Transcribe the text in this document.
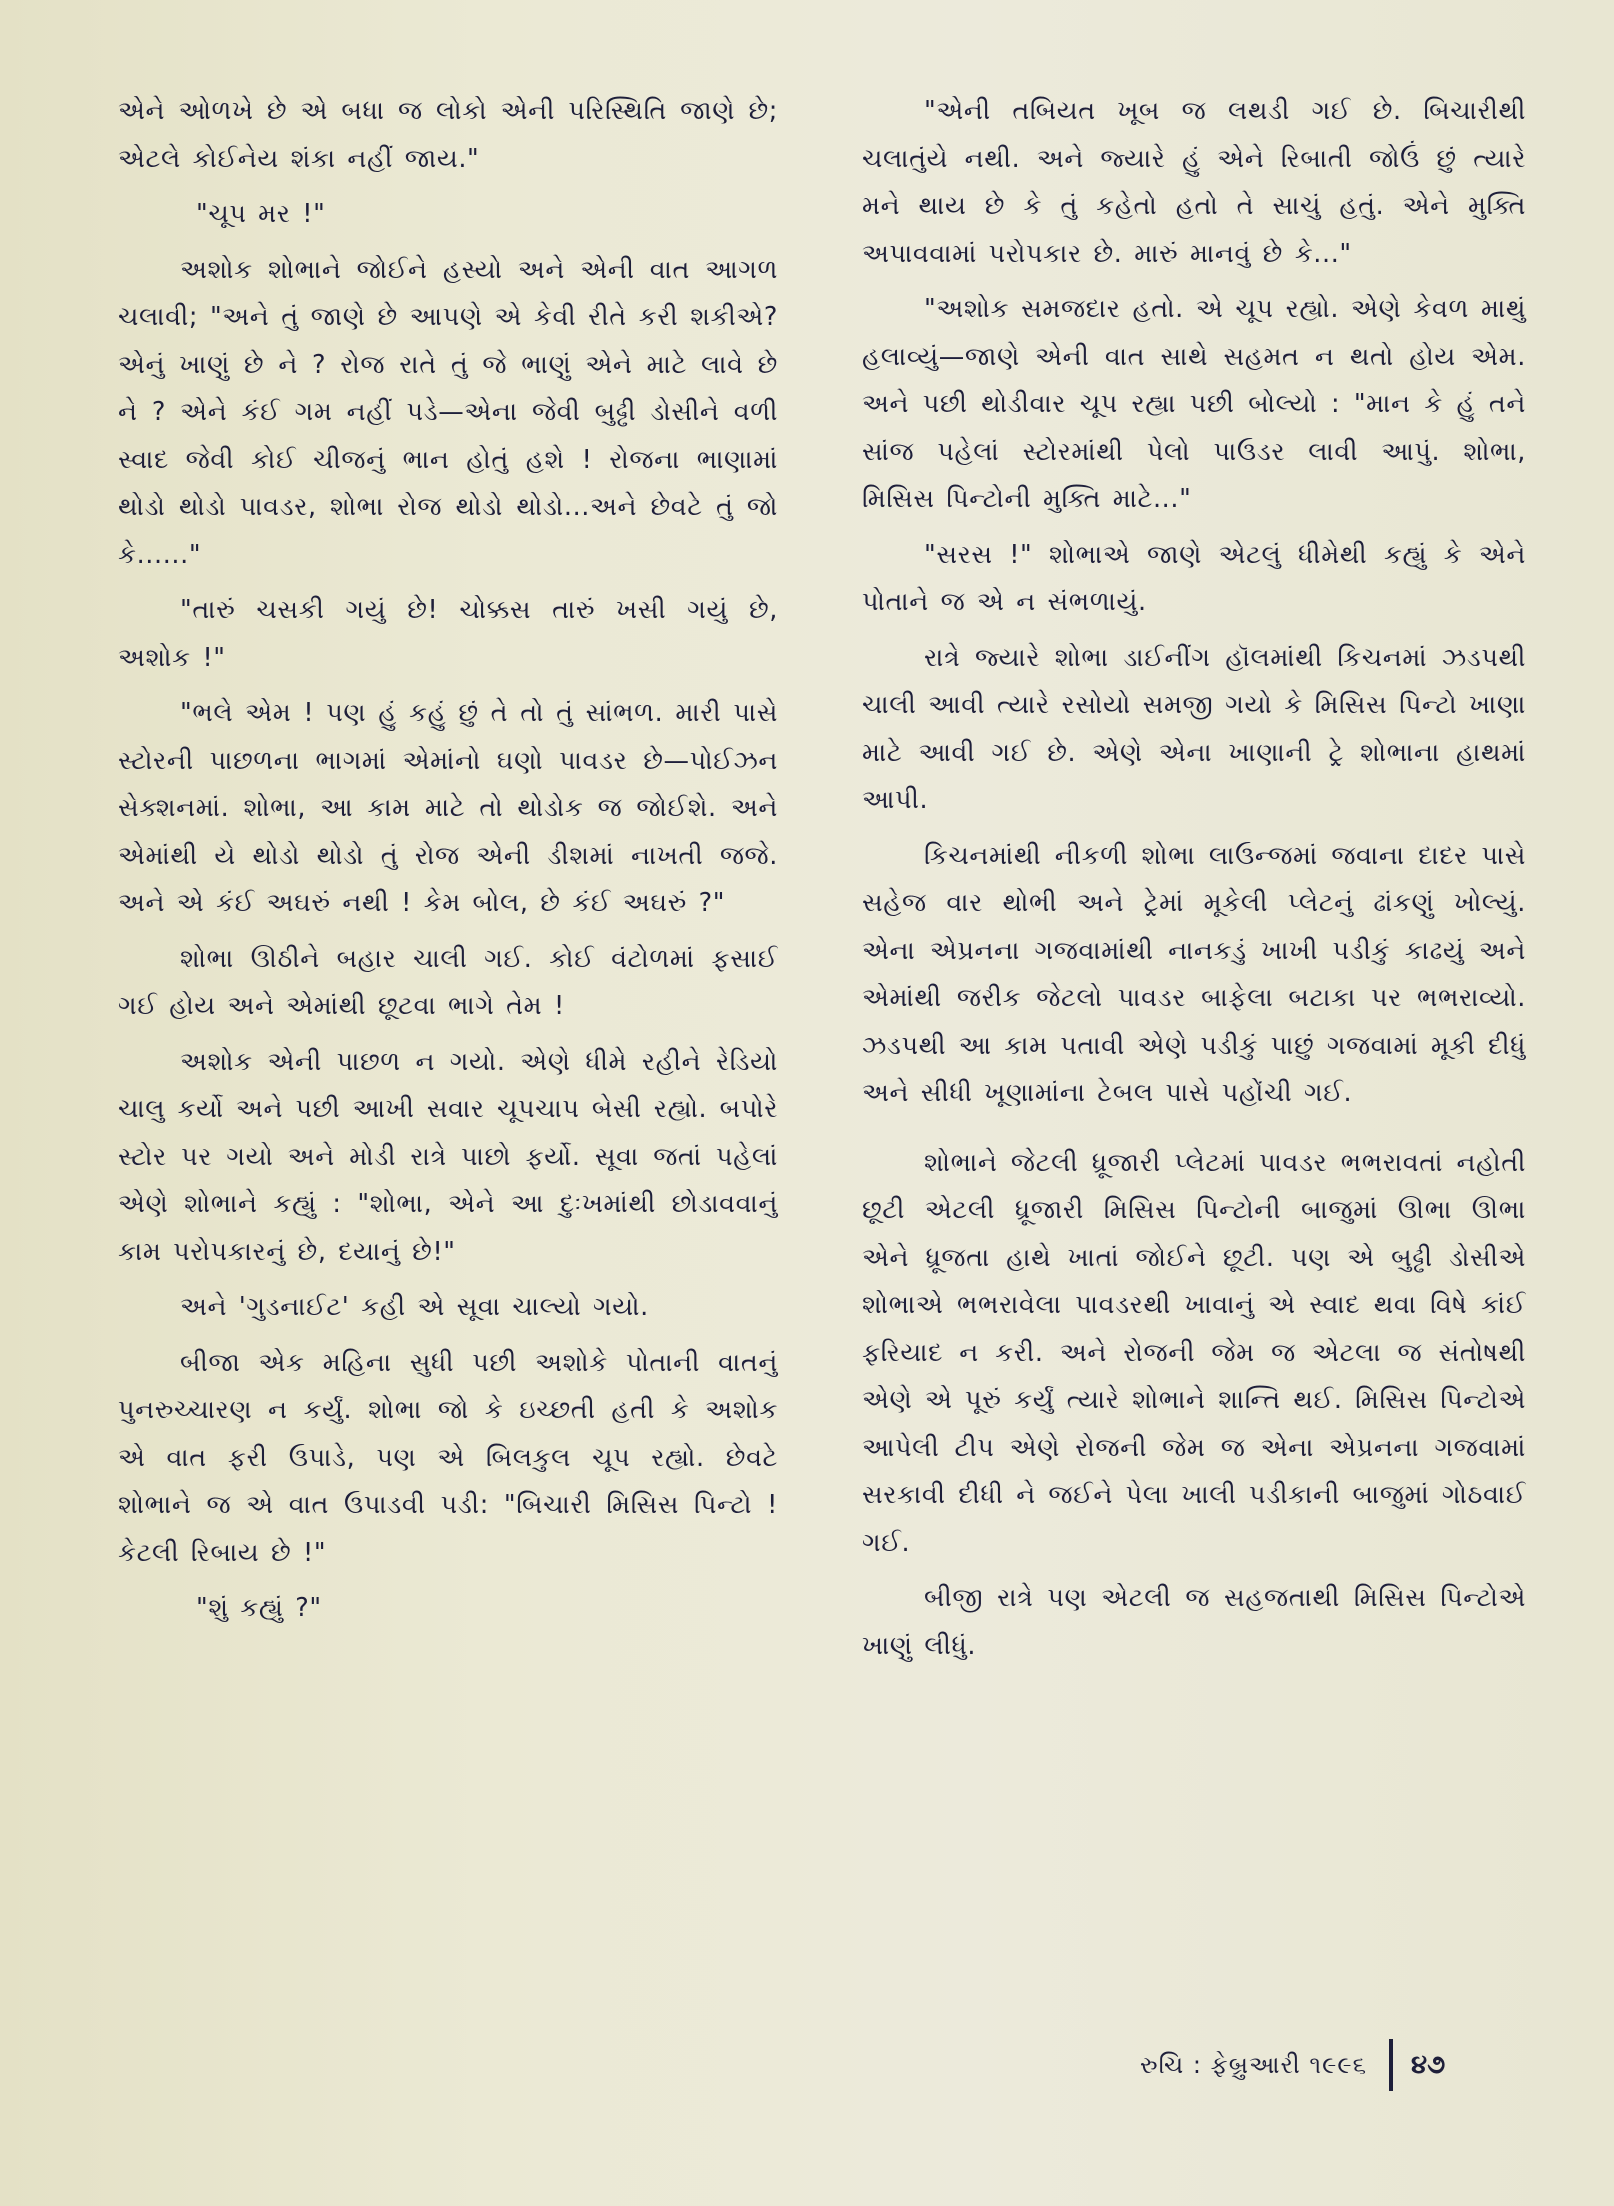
એને ઓળખે છે એ બધા જ લોકો એની પરિસ્થિતિ જાણે છે; એટલે કોઈનેય શંકા નહીં જાય."

"ચૂપ મર !"

અશોક શોભાને જોઈને હસ્યો અને એની વાત આગળ ચલાવી; "અને તું જાણે છે આપણે એ કેવી રીતે કરી શકીએ? એનું ખાણું છે ને ? રોજ રાતે તું જે ભાણું એને માટે લાવે છે ને ? એને કંઈ ગમ નહીં પડે—એના જેવી બુઢ્ઢી ડોસીને વળી સ્વાદ જેવી કોઈ ચીજનું ભાન હોતું હશે ! રોજના ભાણામાં થોડો થોડો પાવડર, શોભા રોજ થોડો થોડો...અને છેવટે તું જો કે......"

"તારું ચસકી ગયું છે! ચોક્કસ તારું ખસી ગયું છે, અશોક !"

"ભલે એમ ! પણ હું કહું છું તે તો તું સાંભળ. મારી પાસે સ્ટોરની પાછળના ભાગમાં એમાંનો ઘણો પાવડર છે—પોઈઝન સેક્શનમાં. શોભા, આ કામ માટે તો થોડોક જ જોઈશે. અને એમાંથી યે થોડો થોડો તું રોજ એની ડીશમાં નાખતી જજે. અને એ કંઈ અઘરું નથી ! કેમ બોલ, છે કંઈ અઘરું ?"

શોભા ઊઠીને બહાર ચાલી ગઈ. કોઈ વંટોળમાં ફસાઈ ગઈ હોય અને એમાંથી છૂટવા ભાગે તેમ !

અશોક એની પાછળ ન ગયો. એણે ધીમે રહીને રેડિયો ચાલુ કર્યો અને પછી આખી સવાર ચૂપચાપ બેસી રહ્યો. બપોરે સ્ટોર પર ગયો અને મોડી રાત્રે પાછો ફર્યો. સૂવા જતાં પહેલાં એણે શોભાને કહ્યું : "શોભા, એને આ દુઃખમાંથી છોડાવવાનું કામ પરોપકારનું છે, દયાનું છે!"

અને 'ગુડનાઈટ' કહી એ સૂવા ચાલ્યો ગયો.

બીજા એક મહિના સુધી પછી અશોકે પોતાની વાતનું પુનરુચ્ચારણ ન કર્યું. શોભા જો કે ઇચ્છતી હતી કે અશોક એ વાત ફરી ઉપાડે, પણ એ બિલકુલ ચૂપ રહ્યો. છેવટે શોભાને જ એ વાત ઉપાડવી પડી: "બિચારી મિસિસ પિન્ટો ! કેટલી રિબાય છે !"

"શું કહ્યું ?"

"એની તબિયત ખૂબ જ લથડી ગઈ છે. બિચારીથી ચલાતુંયે નથી. અને જ્યારે હું એને રિબાતી જોઉં છું ત્યારે મને થાય છે કે તું કહેતો હતો તે સાચું હતું. એને મુક્તિ અપાવવામાં પરોપકાર છે. મારું માનવું છે કે..."

"અશોક સમજદાર હતો. એ ચૂપ રહ્યો. એણે કેવળ માથું હલાવ્યું—જાણે એની વાત સાથે સહમત ન થતો હોય એમ. અને પછી થોડીવાર ચૂપ રહ્યા પછી બોલ્યો : "માન કે હું તને સાંજ પહેલાં સ્ટોરમાંથી પેલો પાઉડર લાવી આપું. શોભા, મિસિસ પિન્ટોની મુક્તિ માટે..."

"સરસ !" શોભાએ જાણે એટલું ધીમેથી કહ્યું કે એને પોતાને જ એ ન સંભળાયું.

રાત્રે જ્યારે શોભા ડાઈનીંગ હૉલમાંથી કિચનમાં ઝડપથી ચાલી આવી ત્યારે રસોયો સમજી ગયો કે મિસિસ પિન્ટો ખાણા માટે આવી ગઈ છે. એણે એના ખાણાની ટ્રે શોભાના હાથમાં આપી.

કિચનમાંથી નીકળી શોભા લાઉન્જમાં જવાના દાદર પાસે સહેજ વાર થોભી અને ટ્રેમાં મૂકેલી પ્લેટનું ઢાંકણું ખોલ્યું. એના એપ્રનના ગજવામાંથી નાનકડું ખાખી પડીકું કાઢયું અને એમાંથી જરીક જેટલો પાવડર બાફેલા બટાકા પર ભભરાવ્યો. ઝડપથી આ કામ પતાવી એણે પડીકું પાછું ગજવામાં મૂકી દીધું અને સીધી ખૂણામાંના ટેબલ પાસે પહોંચી ગઈ.

શોભાને જેટલી ધ્રૂજારી પ્લેટમાં પાવડર ભભરાવતાં નહોતી છૂટી એટલી ધ્રૂજારી મિસિસ પિન્ટોની બાજુમાં ઊભા ઊભા એને ધ્રૂજતા હાથે ખાતાં જોઈને છૂટી. પણ એ બુઢ્ઢી ડોસીએ શોભાએ ભભરાવેલા પાવડરથી ખાવાનું એ સ્વાદ થવા વિષે કાંઈ ફરિયાદ ન કરી. અને રોજની જેમ જ એટલા જ સંતોષથી એણે એ પૂરું કર્યું ત્યારે શોભાને શાન્તિ થઈ. મિસિસ પિન્ટોએ આપેલી ટીપ એણે રોજની જેમ જ એના એપ્રનના ગજવામાં સરકાવી દીધી ને જઈને પેલા ખાલી પડીકાની બાજુમાં ગોઠવાઈ ગઈ.

બીજી રાત્રે પણ એટલી જ સહજતાથી મિસિસ પિન્ટોએ ખાણું લીધું.

રુચિ : ફેબ્રુઆરી ૧૯૯૬ ૪૭
